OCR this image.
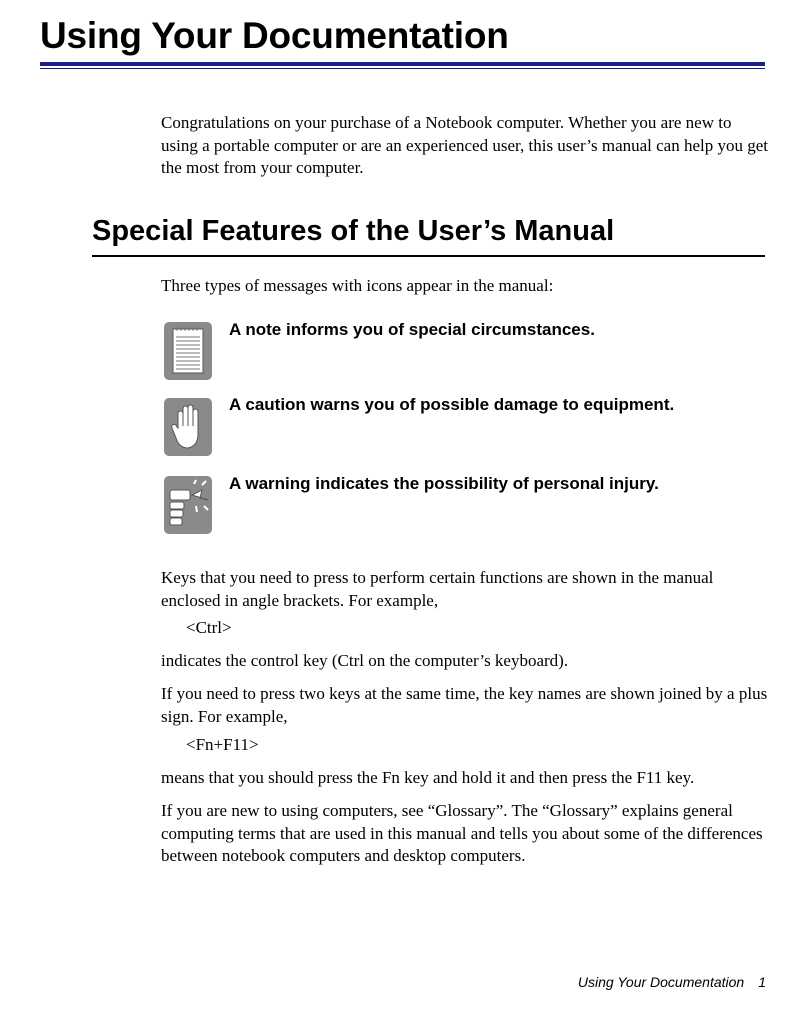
Using Your Documentation

Congratulations on your purchase of a Notebook computer. Whether you are new to using a portable computer or are an experienced user, this user’s manual can help you get the most from your computer.

Special Features of the User’s Manual

Three types of messages with icons appear in the manual:

A note informs you of special circumstances.

A caution warns you of possible damage to equipment.

A warning indicates the possibility of personal injury.

Keys that you need to press to perform certain functions are shown in the manual enclosed in angle brackets. For example,

<Ctrl>

indicates the control key (Ctrl on the computer’s keyboard).

If you need to press two keys at the same time, the key names are shown joined by a plus sign. For example,

<Fn+F11>

means that you should press the Fn key and hold it and then press the F11 key.

If you are new to using computers, see “Glossary”. The “Glossary” explains general computing terms that are used in this manual and tells you about some of the differences between notebook computers and desktop computers.

Using Your Documentation 1
